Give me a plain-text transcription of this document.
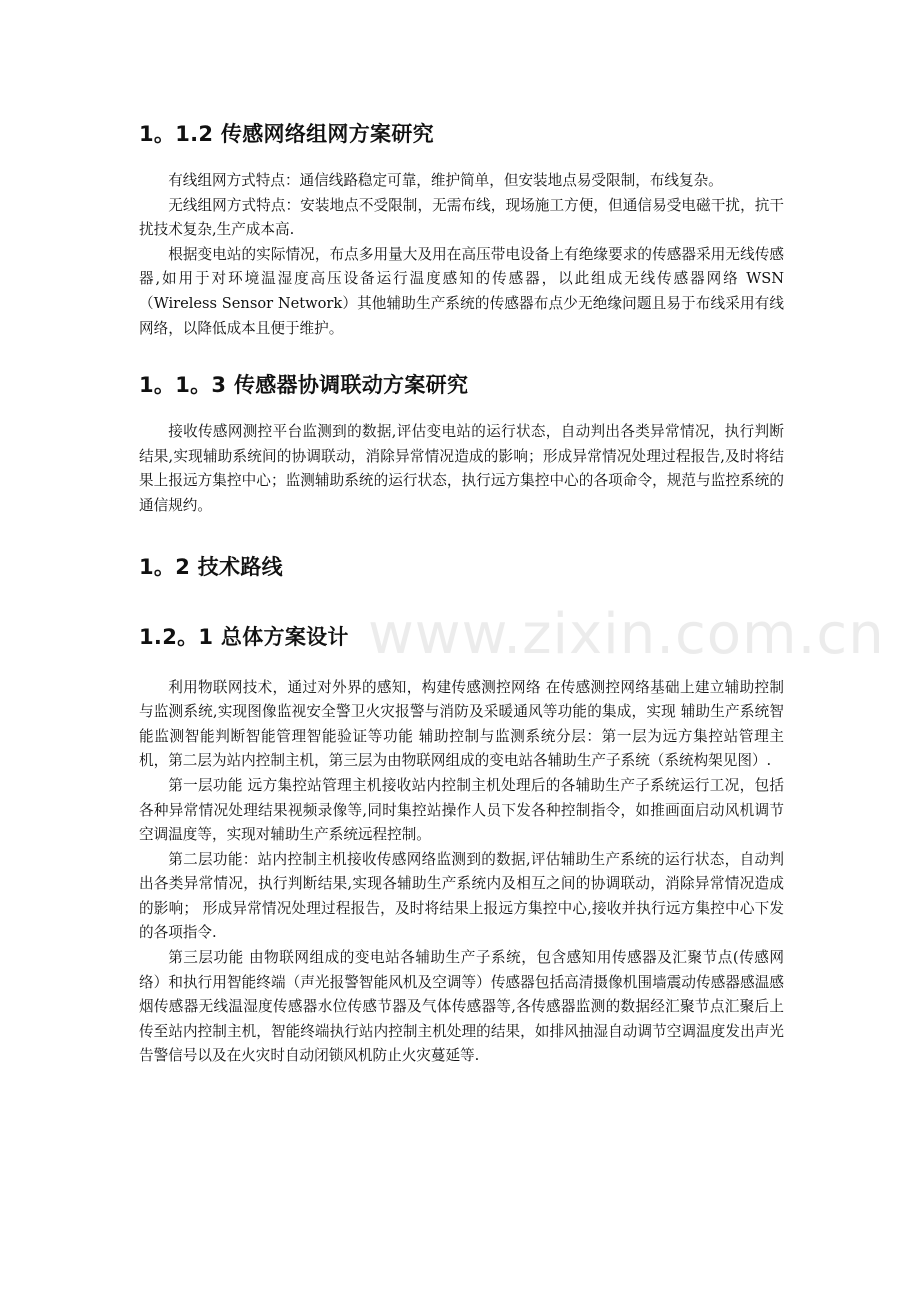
1。1.2 传感网络组网方案研究

有线组网方式特点：通信线路稳定可靠，维护简单，但安装地点易受限制，布线复杂。

无线组网方式特点：安装地点不受限制，无需布线，现场施工方便，但通信易受电磁干扰，抗干扰技术复杂,生产成本高.

根据变电站的实际情况，布点多用量大及用在高压带电设备上有绝缘要求的传感器采用无线传感器,如用于对环境温湿度高压设备运行温度感知的传感器，以此组成无线传感器网络 WSN（Wireless Sensor Network）其他辅助生产系统的传感器布点少无绝缘问题且易于布线采用有线网络，以降低成本且便于维护。

1。1。3 传感器协调联动方案研究

接收传感网测控平台监测到的数据,评估变电站的运行状态，自动判出各类异常情况，执行判断结果,实现辅助系统间的协调联动，消除异常情况造成的影响；形成异常情况处理过程报告,及时将结果上报远方集控中心；监测辅助系统的运行状态，执行远方集控中心的各项命令，规范与监控系统的通信规约。

1。2 技术路线
1.2。1 总体方案设计

利用物联网技术，通过对外界的感知，构建传感测控网络 在传感测控网络基础上建立辅助控制与监测系统,实现图像监视安全警卫火灾报警与消防及采暖通风等功能的集成，实现 辅助生产系统智能监测智能判断智能管理智能验证等功能 辅助控制与监测系统分层：第一层为远方集控站管理主机，第二层为站内控制主机，第三层为由物联网组成的变电站各辅助生产子系统（系统构架见图）.

第一层功能 远方集控站管理主机接收站内控制主机处理后的各辅助生产子系统运行工况，包括各种异常情况处理结果视频录像等,同时集控站操作人员下发各种控制指令，如推画面启动风机调节空调温度等，实现对辅助生产系统远程控制。

第二层功能：站内控制主机接收传感网络监测到的数据,评估辅助生产系统的运行状态，自动判出各类异常情况，执行判断结果,实现各辅助生产系统内及相互之间的协调联动，消除异常情况造成的影响； 形成异常情况处理过程报告，及时将结果上报远方集控中心,接收并执行远方集控中心下发的各项指令.

第三层功能 由物联网组成的变电站各辅助生产子系统，包含感知用传感器及汇聚节点(传感网络）和执行用智能终端（声光报警智能风机及空调等）传感器包括高清摄像机围墙震动传感器感温感烟传感器无线温湿度传感器水位传感节器及气体传感器等,各传感器监测的数据经汇聚节点汇聚后上传至站内控制主机，智能终端执行站内控制主机处理的结果，如排风抽湿自动调节空调温度发出声光告警信号以及在火灾时自动闭锁风机防止火灾蔓延等.

www.zixin.com.cn
